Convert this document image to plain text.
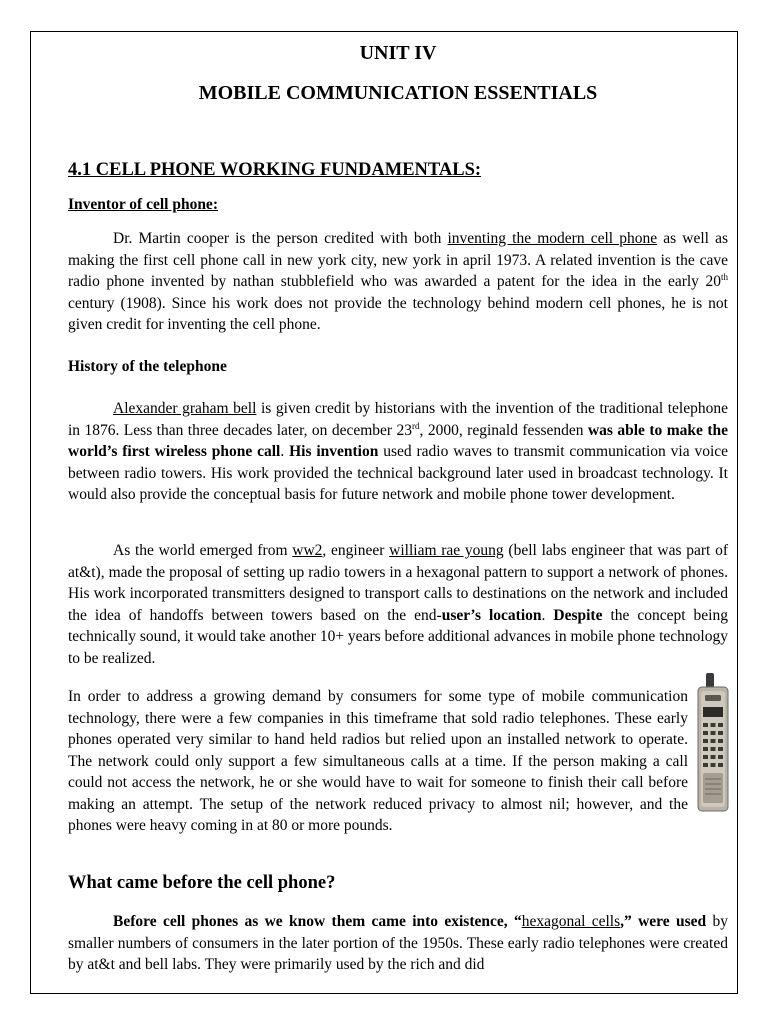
UNIT IV
MOBILE COMMUNICATION ESSENTIALS
4.1 CELL PHONE WORKING FUNDAMENTALS:
Inventor of cell phone:
Dr. Martin cooper is the person credited with both inventing the modern cell phone as well as making the first cell phone call in new york city, new york in april 1973. A related invention is the cave radio phone invented by nathan stubblefield who was awarded a patent for the idea in the early 20th century (1908). Since his work does not provide the technology behind modern cell phones, he is not given credit for inventing the cell phone.
History of the telephone
Alexander graham bell is given credit by historians with the invention of the traditional telephone in 1876. Less than three decades later, on december 23rd, 2000, reginald fessenden was able to make the world’s first wireless phone call. His invention used radio waves to transmit communication via voice between radio towers. His work provided the technical background later used in broadcast technology. It would also provide the conceptual basis for future network and mobile phone tower development.
As the world emerged from ww2, engineer william rae young (bell labs engineer that was part of at&t), made the proposal of setting up radio towers in a hexagonal pattern to support a network of phones. His work incorporated transmitters designed to transport calls to destinations on the network and included the idea of handoffs between towers based on the end-user’s location. Despite the concept being technically sound, it would take another 10+ years before additional advances in mobile phone technology to be realized.
In order to address a growing demand by consumers for some type of mobile communication technology, there were a few companies in this timeframe that sold radio telephones. These early phones operated very similar to hand held radios but relied upon an installed network to operate. The network could only support a few simultaneous calls at a time. If the person making a call could not access the network, he or she would have to wait for someone to finish their call before making an attempt. The setup of the network reduced privacy to almost nil; however, and the phones were heavy coming in at 80 or more pounds.
What came before the cell phone?
Before cell phones as we know them came into existence, “hexagonal cells,” were used by smaller numbers of consumers in the later portion of the 1950s. These early radio telephones were created by at&t and bell labs. They were primarily used by the rich and did
